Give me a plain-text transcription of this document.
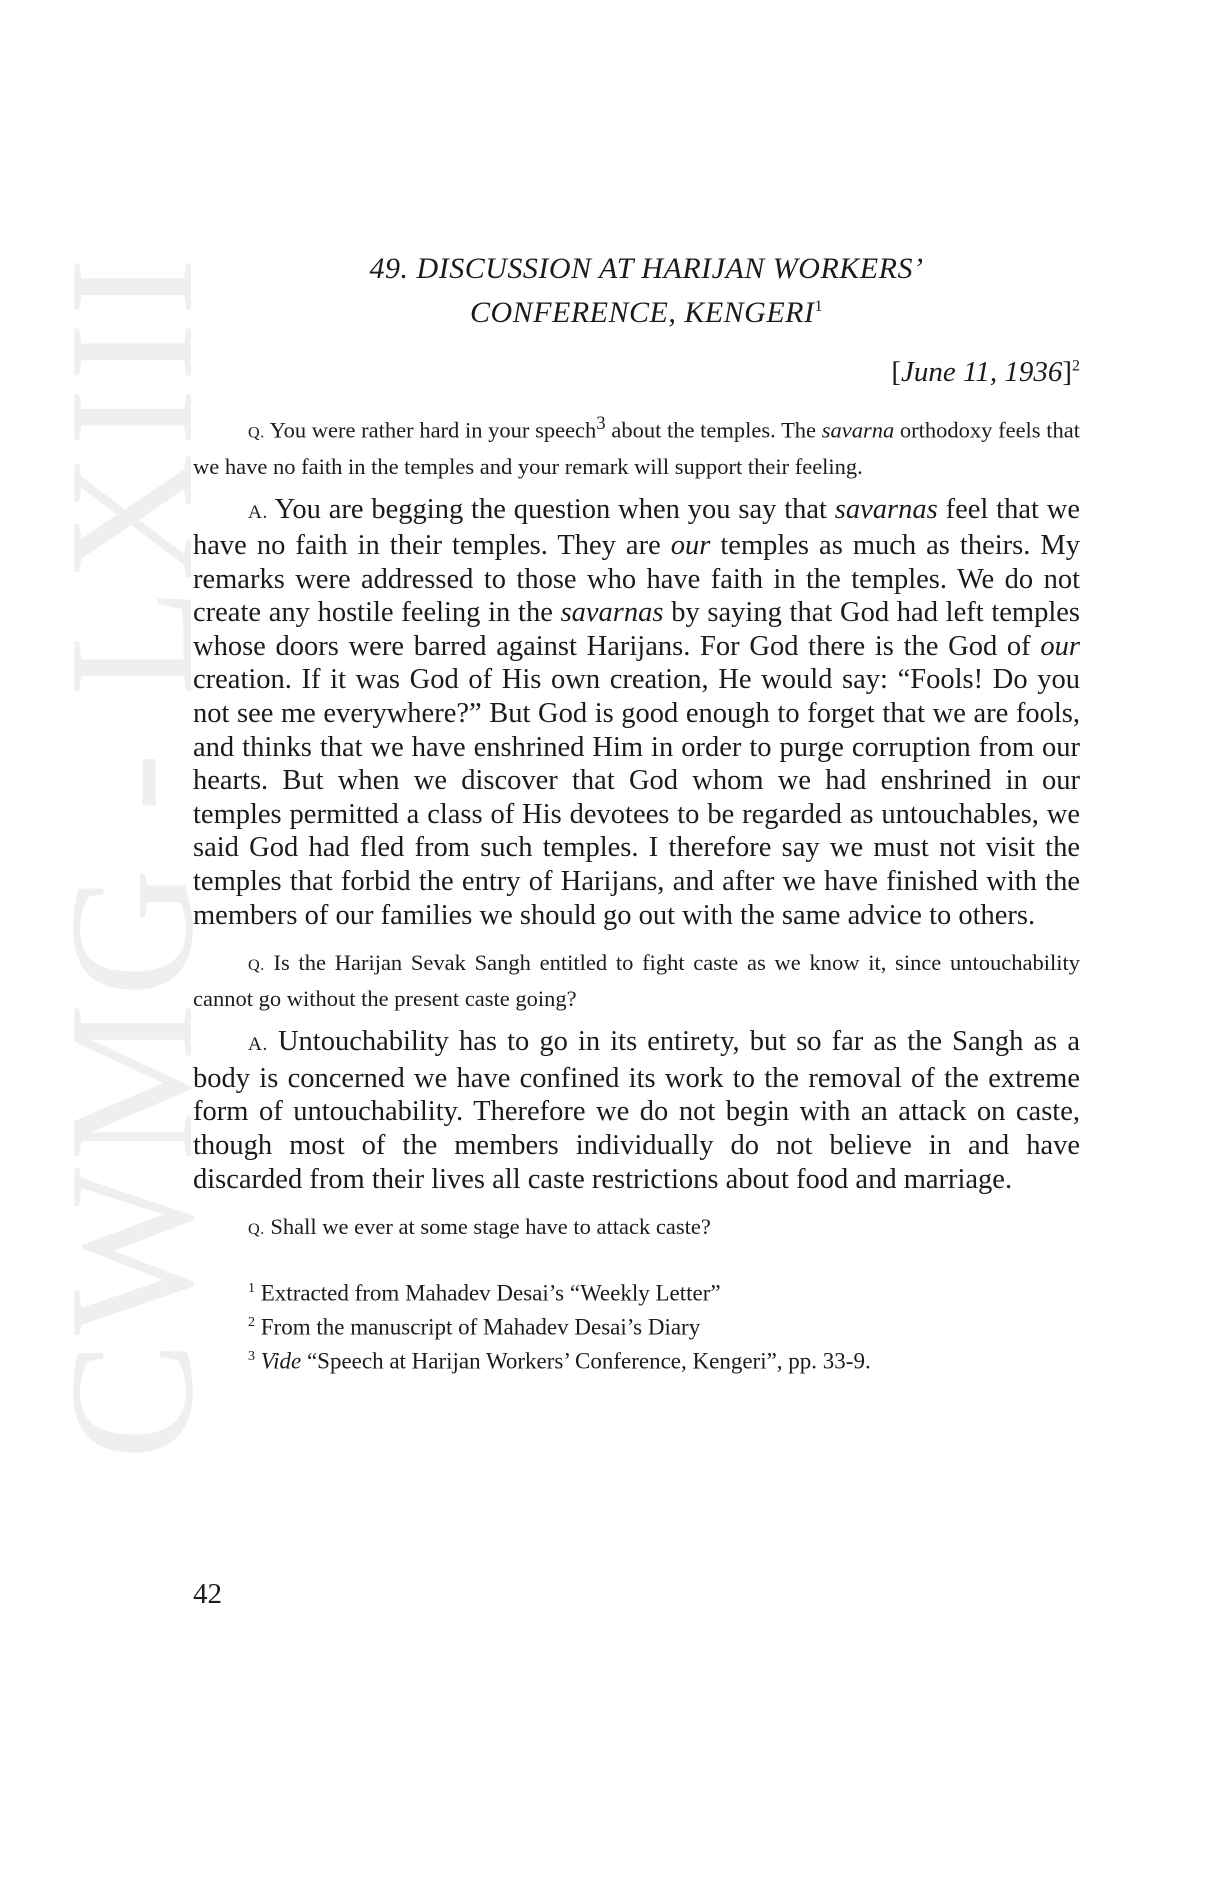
CWMG - LXIII	49. DISCUSSION AT HARIJAN WORKERS’
CONFERENCE, KENGERI$^1$
[June 11, 1936]$^2$

Q. You were rather hard in your speech$^3$ about the temples. The savarna orthodoxy feels that we have no faith in the temples and your remark will support their feeling.

A. You are begging the question when you say that savarnas feel that we have no faith in their temples. They are our temples as much as theirs. My remarks were addressed to those who have faith in the temples. We do not create any hostile feeling in the savarnas by saying that God had left temples whose doors were barred against Harijans. For God there is the God of our creation. If it was God of His own creation, He would say: “Fools! Do you not see me everywhere?” But God is good enough to forget that we are fools, and thinks that we have enshrined Him in order to purge corruption from our hearts. But when we discover that God whom we had enshrined in our temples permitted a class of His devotees to be regarded as untouchables, we said God had fled from such temples. I therefore say we must not visit the temples that forbid the entry of Harijans, and after we have finished with the members of our families we should go out with the same advice to others.

Q. Is the Harijan Sevak Sangh entitled to fight caste as we know it, since untouchability cannot go without the present caste going?

A. Untouchability has to go in its entirety, but so far as the Sangh as a body is concerned we have confined its work to the removal of the extreme form of untouchability. Therefore we do not begin with an attack on caste, though most of the members individually do not believe in and have discarded from their lives all caste restrictions about food and marriage.

Q. Shall we ever at some stage have to attack caste?

$^1$ Extracted from Mahadev Desai’s “Weekly Letter”
$^2$ From the manuscript of Mahadev Desai’s Diary
$^3$ Vide “Speech at Harijan Workers’ Conference, Kengeri”, pp. 33-9.
42
